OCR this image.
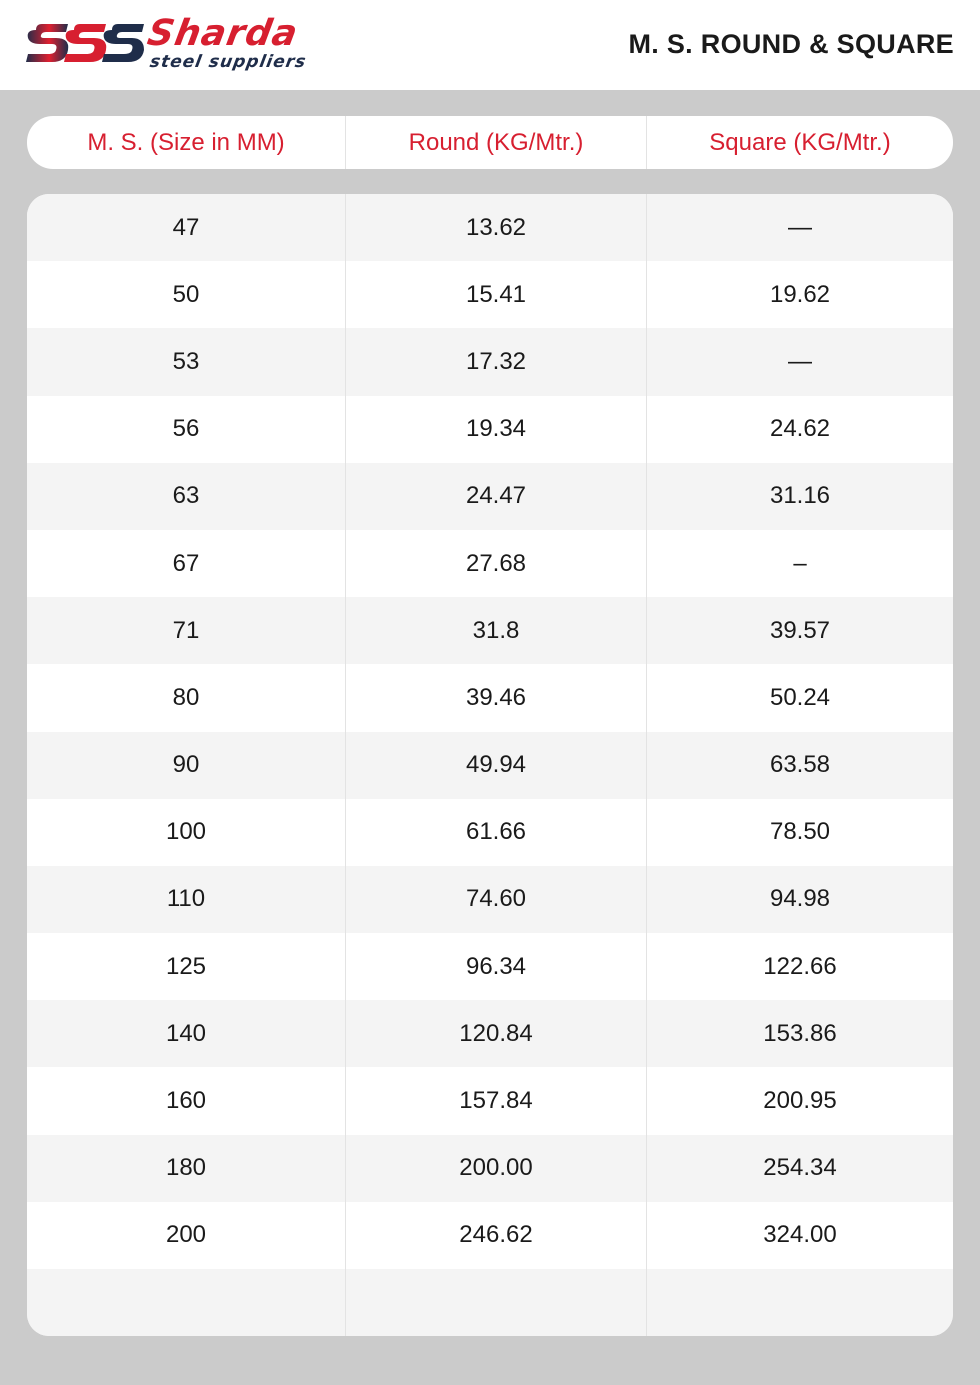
Sharda
steel suppliers
M. S. ROUND & SQUARE
M. S. (Size in MM)	Round (KG/Mtr.)	Square (KG/Mtr.)
47	13.62	—
50	15.41	19.62
53	17.32	—
56	19.34	24.62
63	24.47	31.16
67	27.68	–
71	31.8	39.57
80	39.46	50.24
90	49.94	63.58
100	61.66	78.50
110	74.60	94.98
125	96.34	122.66
140	120.84	153.86
160	157.84	200.95
180	200.00	254.34
200	246.62	324.00
